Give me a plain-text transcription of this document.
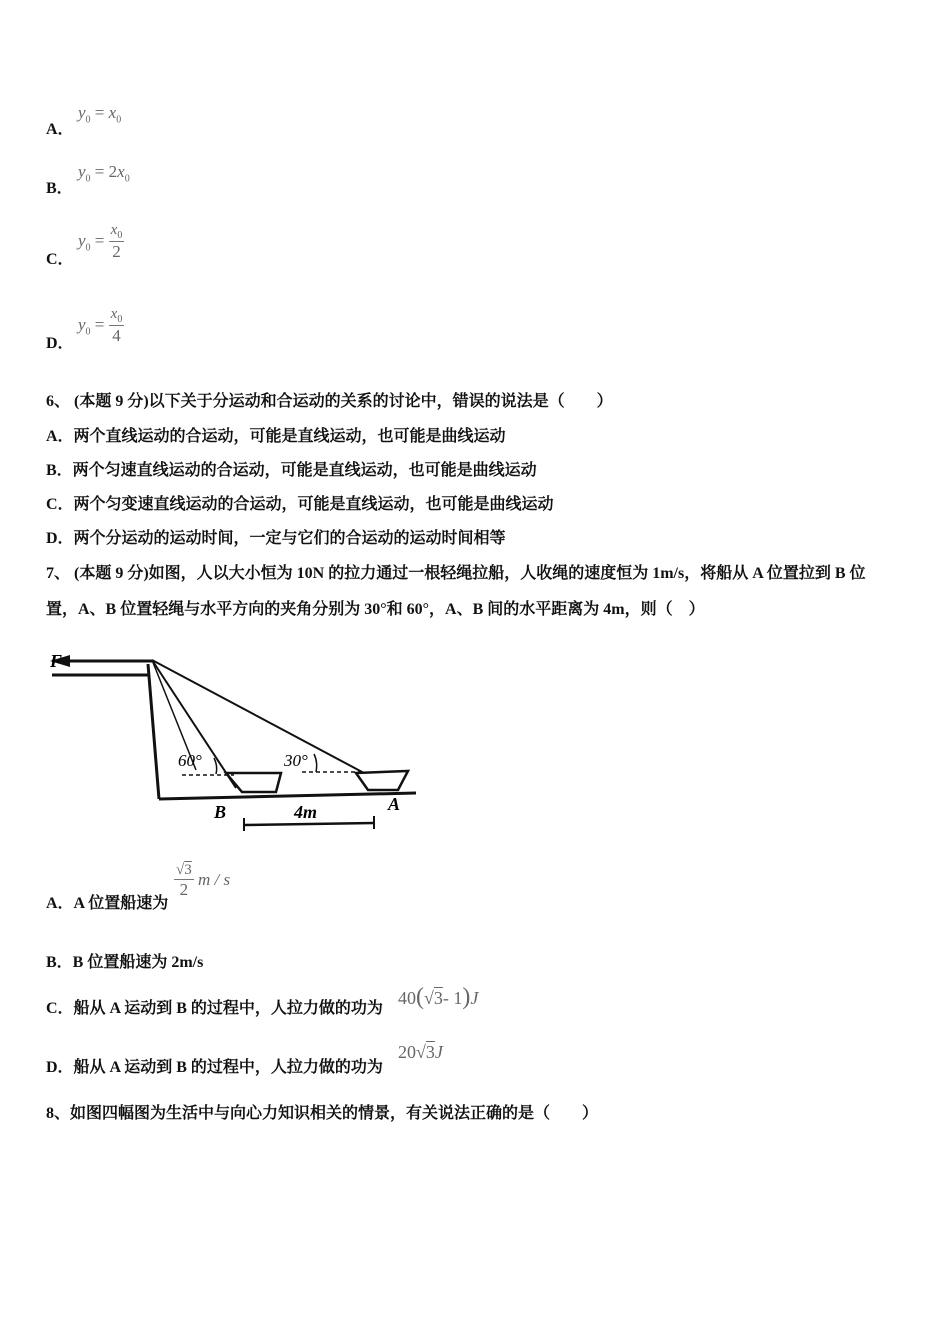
A．
$y_0 = x_0$
B．
$y_0 = 2x_0$
C．
$y_0 = \frac{x_0}{2}$
D．
$y_0 = \frac{x_0}{4}$
6、 (本题 9 分)以下关于分运动和合运动的关系的讨论中，错误的说法是（　　）
A．两个直线运动的合运动，可能是直线运动，也可能是曲线运动
B．两个匀速直线运动的合运动，可能是直线运动，也可能是曲线运动
C．两个匀变速直线运动的合运动，可能是直线运动，也可能是曲线运动
D．两个分运动的运动时间，一定与它们的合运动的运动时间相等
7、 (本题 9 分)如图，人以大小恒为 10N 的拉力通过一根轻绳拉船，人收绳的速度恒为 1m/s，将船从 A 位置拉到 B 位
置，A、B 位置轻绳与水平方向的夹角分别为 30°和 60°，A、B 间的水平距离为 4m，则（　）
F
60°	30°
B	A
4m
A．A 位置船速为
$\frac{√3}{2}$ m / s
B．B 位置船速为 2m/s
C．船从 A 运动到 B 的过程中，人拉力做的功为
40(√3- 1)J
D．船从 A 运动到 B 的过程中，人拉力做的功为
20√3J
8、如图四幅图为生活中与向心力知识相关的情景，有关说法正确的是（　　）
